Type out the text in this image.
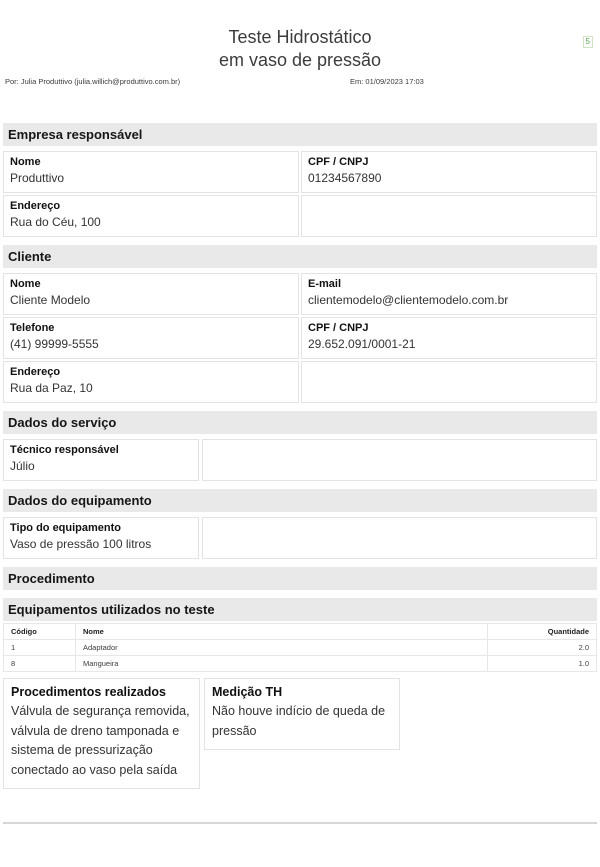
5
Teste Hidrostático
em vaso de pressão
Por: Julia Produttivo (julia.willich@produttivo.com.br)	Em: 01/09/2023 17:03
Empresa responsável
Nome
Produttivo
CPF / CNPJ
01234567890
Endereço
Rua do Céu, 100
Cliente
Nome
Cliente Modelo
E-mail
clientemodelo@clientemodelo.com.br
Telefone
(41) 99999-5555
CPF / CNPJ
29.652.091/0001-21
Endereço
Rua da Paz, 10
Dados do serviço
Técnico responsável
Júlio
Dados do equipamento
Tipo do equipamento
Vaso de pressão 100 litros
Procedimento
Equipamentos utilizados no teste
Código	Nome	Quantidade
1	Adaptador	2.0
8	Mangueira	1.0
Procedimentos realizados
Válvula de segurança removida, válvula de dreno tamponada e sistema de pressurização conectado ao vaso pela saída
Medição TH
Não houve indício de queda de pressão
